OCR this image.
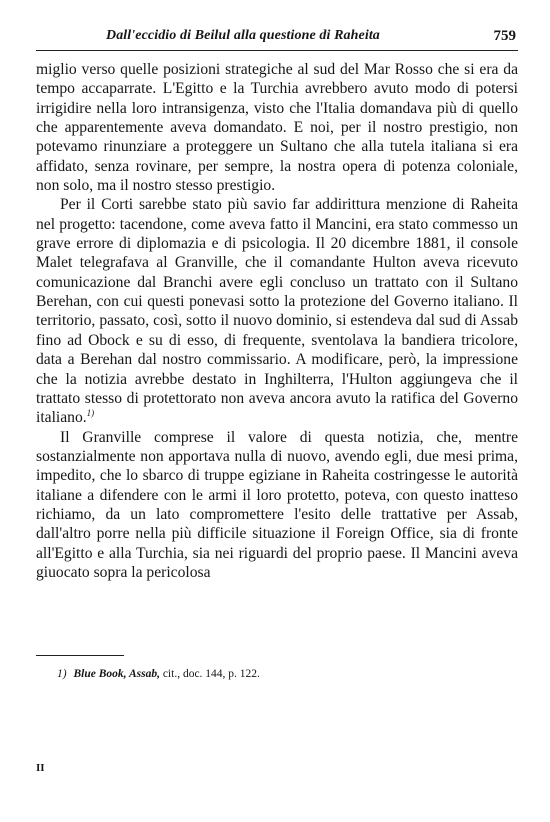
Dall'eccidio di Beilul alla questione di Raheita	759

miglio verso quelle posizioni strategiche al sud del Mar Rosso che si era da tempo accaparrate. L'Egitto e la Turchia avrebbero avuto modo di potersi irrigidire nella loro intransigenza, visto che l'Italia domandava più di quello che apparentemente aveva domandato. E noi, per il nostro prestigio, non potevamo rinunziare a proteggere un Sultano che alla tutela italiana si era affidato, senza rovinare, per sempre, la nostra opera di potenza coloniale, non solo, ma il nostro stesso prestigio.

Per il Corti sarebbe stato più savio far addirittura menzione di Raheita nel progetto: tacendone, come aveva fatto il Mancini, era stato commesso un grave errore di diplomazia e di psicologia. Il 20 dicembre 1881, il console Malet telegrafava al Granville, che il comandante Hulton aveva ricevuto comunicazione dal Branchi avere egli concluso un trattato con il Sultano Berehan, con cui questi ponevasi sotto la protezione del Governo italiano. Il territorio, passato, così, sotto il nuovo dominio, si estendeva dal sud di Assab fino ad Obock e su di esso, di frequente, sventolava la bandiera tricolore, data a Berehan dal nostro commissario. A modificare, però, la impressione che la notizia avrebbe destato in Inghilterra, l'Hulton aggiungeva che il trattato stesso di protettorato non aveva ancora avuto la ratifica del Governo italiano.$^{1)}$

Il Granville comprese il valore di questa notizia, che, mentre sostanzialmente non apportava nulla di nuovo, avendo egli, due mesi prima, impedito, che lo sbarco di truppe egiziane in Raheita costringesse le autorità italiane a difendere con le armi il loro protetto, poteva, con questo inatteso richiamo, da un lato compromettere l'esito delle trattative per Assab, dall'altro porre nella più difficile situazione il Foreign Office, sia di fronte all'Egitto e alla Turchia, sia nei riguardi del proprio paese. Il Mancini aveva giuocato sopra la pericolosa

1) Blue Book, Assab, cit., doc. 144, p. 122.
II
